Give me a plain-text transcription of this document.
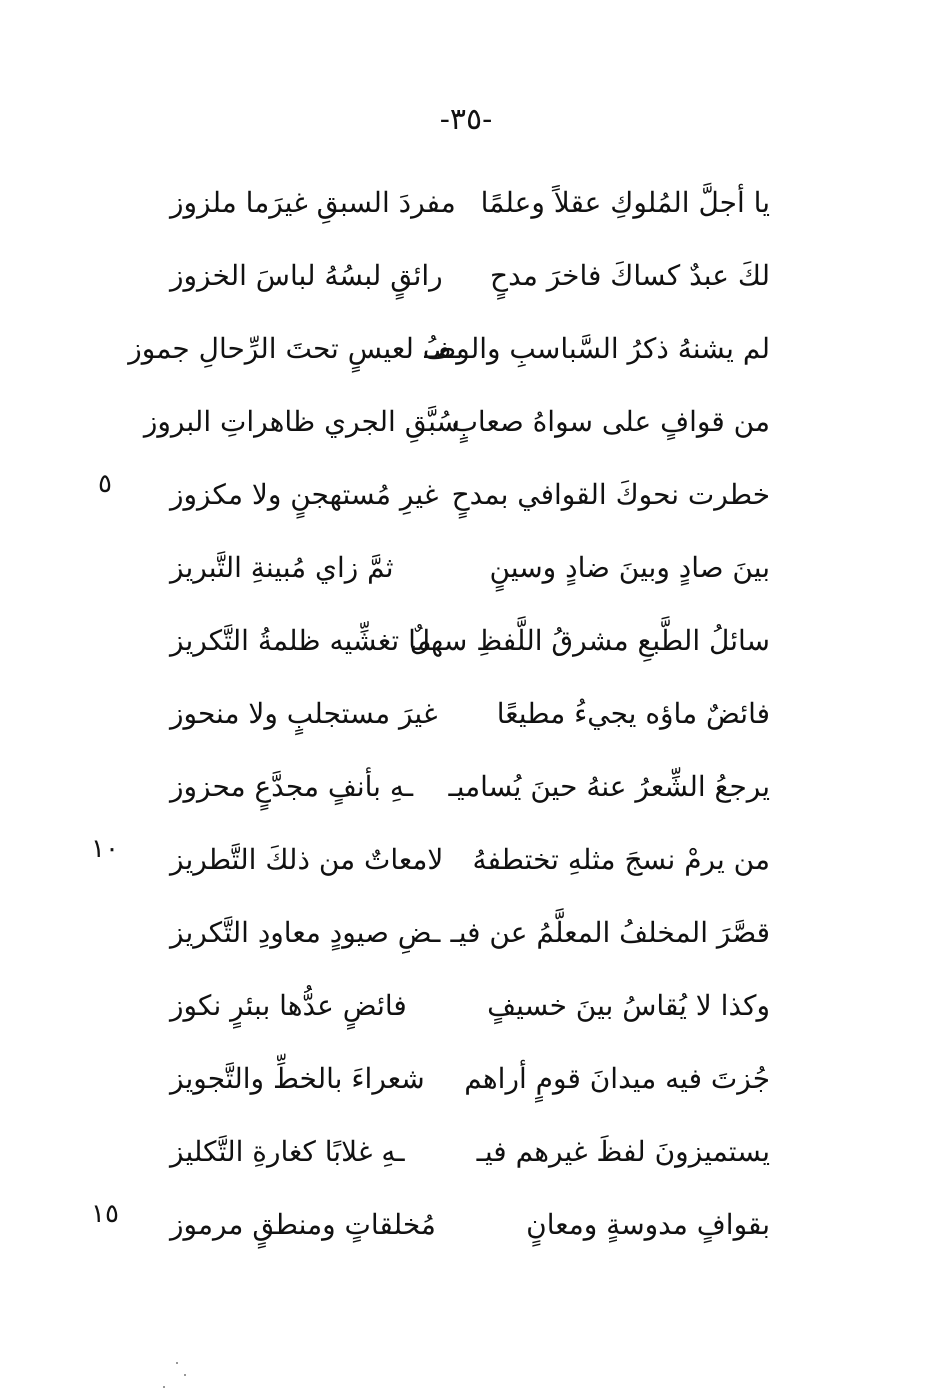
-٣٥-
يا أجلَّ المُلوكِ عقلاً وعلمًا
مفردَ السبقِ غيرَما ملزوز
لكَ عبدٌ كساكَ فاخرَ مدحٍ
رائقٍ لبسُهُ لباسَ الخزوز
لم يشنهُ ذكرُ السَّباسبِ والوصـ
ـفُ لعيسٍ تحتَ الرِّحالِ جموز
من قوافٍ على سواهُ صعابٍ
سُبَّقِ الجري ظاهراتِ البروز
خطرت نحوكَ القوافي بمدحٍ
غيرِ مُستهجنٍ ولا مكزوز
بينَ صادٍ وبينَ ضادٍ وسينٍ
ثمَّ زاي مُبينةِ التَّبريز
سائلُ الطَّبعِ مشرقُ اللَّفظِ سهلٌ
ما تغشِّيه ظلمةُ التَّكريز
فائضٌ ماؤه يجيءُ مطيعًا
غيرَ مستجلبٍ ولا منحوز
يرجعُ الشِّعرُ عنهُ حينَ يُساميـ
ـهِ بأنفٍ مجدَّعٍ محزوز
من يرمْ نسجَ مثلهِ تختطفهُ
لامعاتٌ من ذلكَ التَّطريز
قصَّرَ المخلفُ المعلَّمُ عن فيـ
ـضِ صيودٍ معاودِ التَّكريز
وكذا لا يُقاسُ بينَ خسيفٍ
فائضٍ عدُّها ببئرٍ نكوز
جُزتَ فيه ميدانَ قومٍ أراهم
شعراءَ بالخطِّ والتَّجويز
يستميزونَ لفظَ غيرهم فيـ
ـهِ غلابًا كغارةِ التَّكليز
بقوافٍ مدوسةٍ ومعانٍ
مُخلقاتٍ ومنطقٍ مرموز
٥
١٠
١٥
